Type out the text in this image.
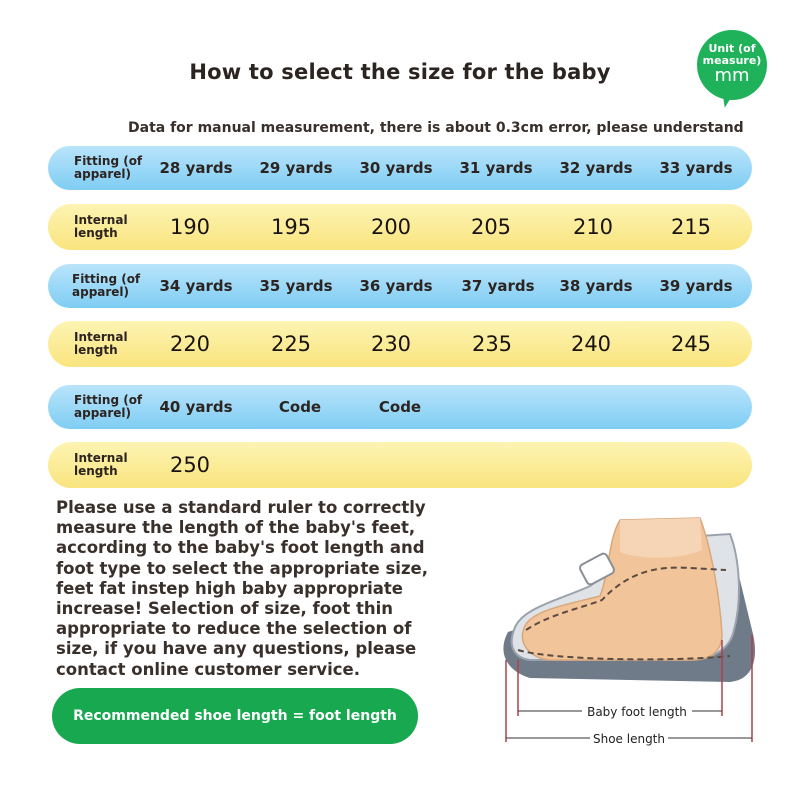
How to select the size for the baby
Unit (of measure)
mm
Data for manual measurement, there is about 0.3cm error, please understand
Fitting (of apparel)	28 yards 29 yards 30 yards 31 yards 32 yards 33 yards
Internal length	190	195	200	205	210	215
Fitting (of apparel)	34 yards 35 yards 36 yards 37 yards 38 yards 39 yards
Internal length	220	225	230	235	240	245
Fitting (of apparel)	40 yards	Code	Code
Internal length	250
Please use a standard ruler to correctly measure the length of the baby's feet, according to the baby's foot length and foot type to select the appropriate size, feet fat instep high baby appropriate increase! Selection of size, foot thin appropriate to reduce the selection of size, if you have any questions, please contact online customer service.
Recommended shoe length = foot length +1cm
Baby foot length
Shoe length
